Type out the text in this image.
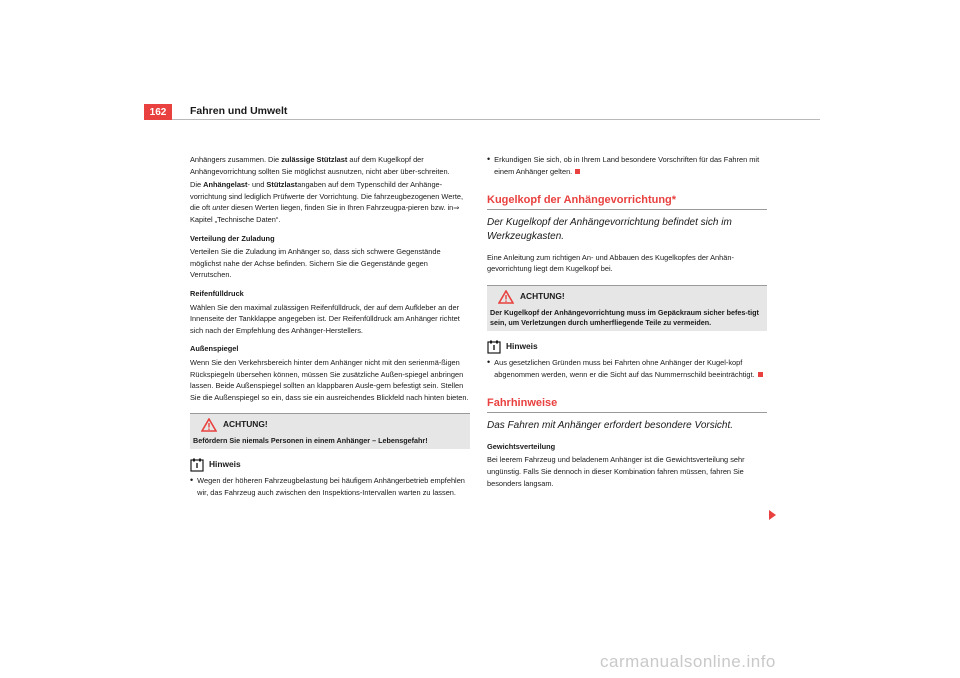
162	Fahren und Umwelt

Anhängers zusammen. Die zulässige Stützlast auf dem Kugelkopf der Anhängevorrichtung sollten Sie möglichst ausnutzen, nicht aber über-schreiten.

Die Anhängelast- und Stützlastangaben auf dem Typenschild der Anhänge-vorrichtung sind lediglich Prüfwerte der Vorrichtung. Die fahrzeugbezogenen Werte, die oft unter diesen Werten liegen, finden Sie in Ihren Fahrzeugpa-pieren bzw. in⇒ Kapitel „Technische Daten“.

Verteilung der Zuladung

Verteilen Sie die Zuladung im Anhänger so, dass sich schwere Gegenstände möglichst nahe der Achse befinden. Sichern Sie die Gegenstände gegen Verrutschen.

Reifenfülldruck

Wählen Sie den maximal zulässigen Reifenfülldruck, der auf dem Aufkleber an der Innenseite der Tankklappe angegeben ist. Der Reifenfülldruck am Anhänger richtet sich nach der Empfehlung des Anhänger-Herstellers.

Außenspiegel

Wenn Sie den Verkehrsbereich hinter dem Anhänger nicht mit den serienmä-ßigen Rückspiegeln übersehen können, müssen Sie zusätzliche Außen-spiegel anbringen lassen. Beide Außenspiegel sollten an klappbaren Ausle-gern befestigt sein. Stellen Sie die Außenspiegel so ein, dass sie ein ausreichendes Blickfeld nach hinten bieten.

ACHTUNG!
Befördern Sie niemals Personen in einem Anhänger – Lebensgefahr!
Hinweis
• Wegen der höheren Fahrzeugbelastung bei häufigem Anhängerbetrieb empfehlen wir, das Fahrzeug auch zwischen den Inspektions-Intervallen warten zu lassen.
• Erkundigen Sie sich, ob in Ihrem Land besondere Vorschriften für das Fahren mit einem Anhänger gelten.
Kugelkopf der Anhängevorrichtung*
Der Kugelkopf der Anhängevorrichtung befindet sich im Werkzeugkasten.

Eine Anleitung zum richtigen An- und Abbauen des Kugelkopfes der Anhän-gevorrichtung liegt dem Kugelkopf bei.

ACHTUNG!
Der Kugelkopf der Anhängevorrichtung muss im Gepäckraum sicher befes-tigt sein, um Verletzungen durch umherfliegende Teile zu vermeiden.
Hinweis
• Aus gesetzlichen Gründen muss bei Fahrten ohne Anhänger der Kugel-kopf abgenommen werden, wenn er die Sicht auf das Nummernschild beeinträchtigt.
Fahrhinweise
Das Fahren mit Anhänger erfordert besondere Vorsicht.

Gewichtsverteilung

Bei leerem Fahrzeug und beladenem Anhänger ist die Gewichtsverteilung sehr ungünstig. Falls Sie dennoch in dieser Kombination fahren müssen, fahren Sie besonders langsam.

carmanualsonline.info
